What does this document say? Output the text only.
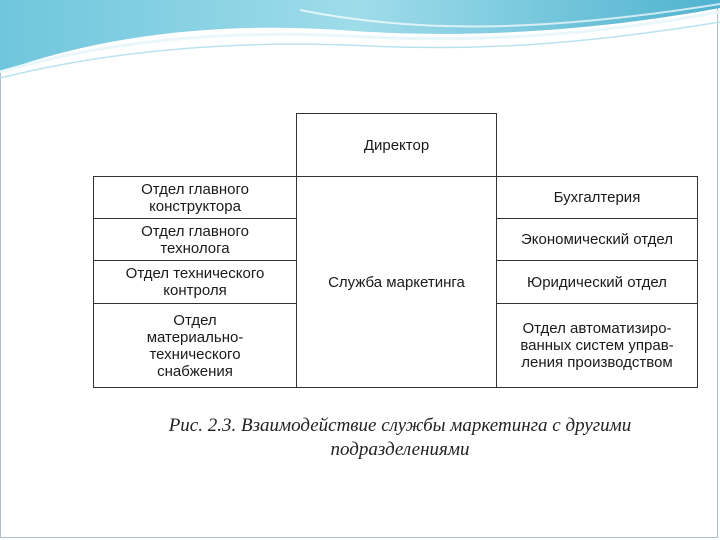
Директор
Служба маркетинга
Отдел главного
конструктора
Отдел главного
технолога
Отдел технического
контроля
Отдел
материально-
технического
снабжения
Бухгалтерия
Экономический отдел
Юридический отдел
Отдел автоматизиро-
ванных систем управ-
ления производством
Рис. 2.3. Взаимодействие службы маркетинга с другими
подразделениями
